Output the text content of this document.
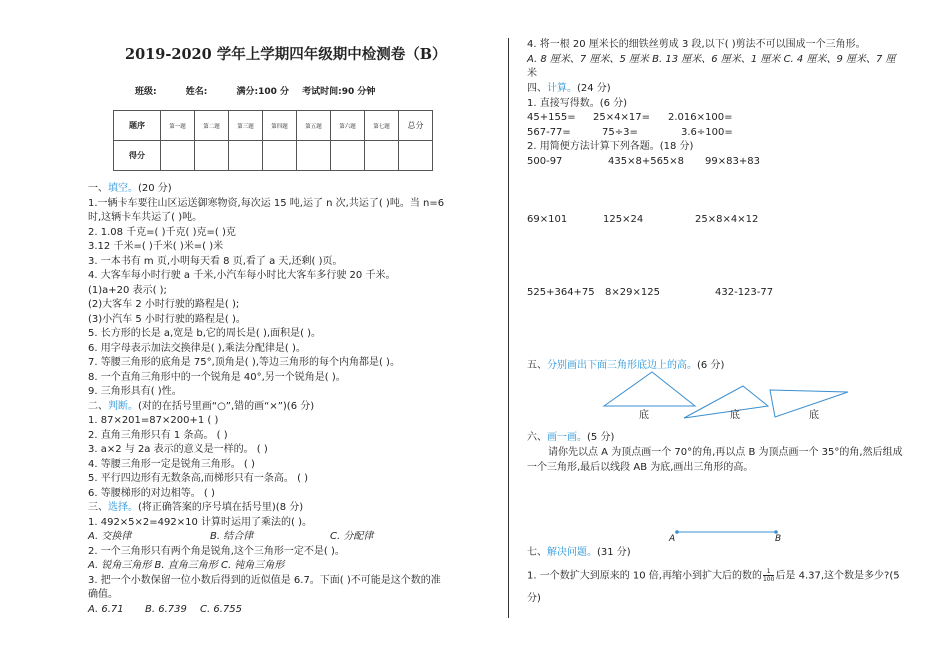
2019-2020 学年上学期四年级期中检测卷（B）
班级:	姓名:	满分:100 分 考试时间:90 分钟
题序	第一题	第二题	第三题	第四题	第五题	第六题	第七题	总分
得分								
一、填空。(20 分)
1.一辆卡车要往山区运送御寒物资,每次运 15 吨,运了 n 次,共运了( )吨。当 n=6
时,这辆卡车共运了( )吨。
2. 1.08 千克=( )千克( )克=( )克
3.12 千米=( )千米( )米=( )米
3. 一本书有 m 页,小明每天看 8 页,看了 a 天,还剩( )页。
4. 大客车每小时行驶 a 千米,小汽车每小时比大客车多行驶 20 千米。
(1)a+20 表示( );
(2)大客车 2 小时行驶的路程是( );
(3)小汽车 5 小时行驶的路程是( )。
5. 长方形的长是 a,宽是 b,它的周长是( ),面积是( )。
6. 用字母表示加法交换律是( ),乘法分配律是( )。
7. 等腰三角形的底角是 75°,顶角是( ),等边三角形的每个内角都是( )。
8. 一个直角三角形中的一个锐角是 40°,另一个锐角是( )。
9. 三角形具有( )性。
二、判断。(对的在括号里画“○”,错的画“×”)(6 分)
1. 87×201=87×200+1 ( )
2. 直角三角形只有 1 条高。 ( )
3. a×2 与 2a 表示的意义是一样的。 ( )
4. 等腰三角形一定是锐角三角形。 ( )
5. 平行四边形有无数条高,而梯形只有一条高。 ( )
6. 等腰梯形的对边相等。 ( )
三、选择。(将正确答案的序号填在括号里)(8 分)
1. 492×5×2=492×10 计算时运用了乘法的( )。
A. 交换律	B. 结合律	C. 分配律
2. 一个三角形只有两个角是锐角,这个三角形一定不是( )。
A. 锐角三角形 B. 直角三角形 C. 钝角三角形
3. 把一个小数保留一位小数后得到的近似值是 6.7。下面( )不可能是这个数的准
确值。
A. 6.71 B. 6.739 C. 6.755
4. 将一根 20 厘米长的细铁丝剪成 3 段,以下( )剪法不可以围成一个三角形。
A. 8 厘米、7 厘米、5 厘米 B. 13 厘米、6 厘米、1 厘米 C. 4 厘米、9 厘米、7 厘
米
四、计算。(24 分)
1. 直接写得数。(6 分)
45+155= 25×4×17= 2.016×100=
567-77=	75÷3=	3.6÷100=
2. 用简便方法计算下列各题。(18 分)
500-97	435×8+565×8 99×83+83
69×101	125×24	25×8×4×12
525+364+75 8×29×125	432-123-77
五、分别画出下面三角形底边上的高。(6 分)
底	底	底
六、画一画。(5 分)
请你先以点 A 为顶点画一个 70°的角,再以点 B 为顶点画一个 35°的角,然后组成
一个三角形,最后以线段 AB 为底,画出三角形的高。
A	B
七、解决问题。(31 分)
1. 一个数扩大到原来的 10 倍,再缩小到扩大后的数的 $\frac{1}{100}$ 后是 4.37,这个数是多少?(5
分)
